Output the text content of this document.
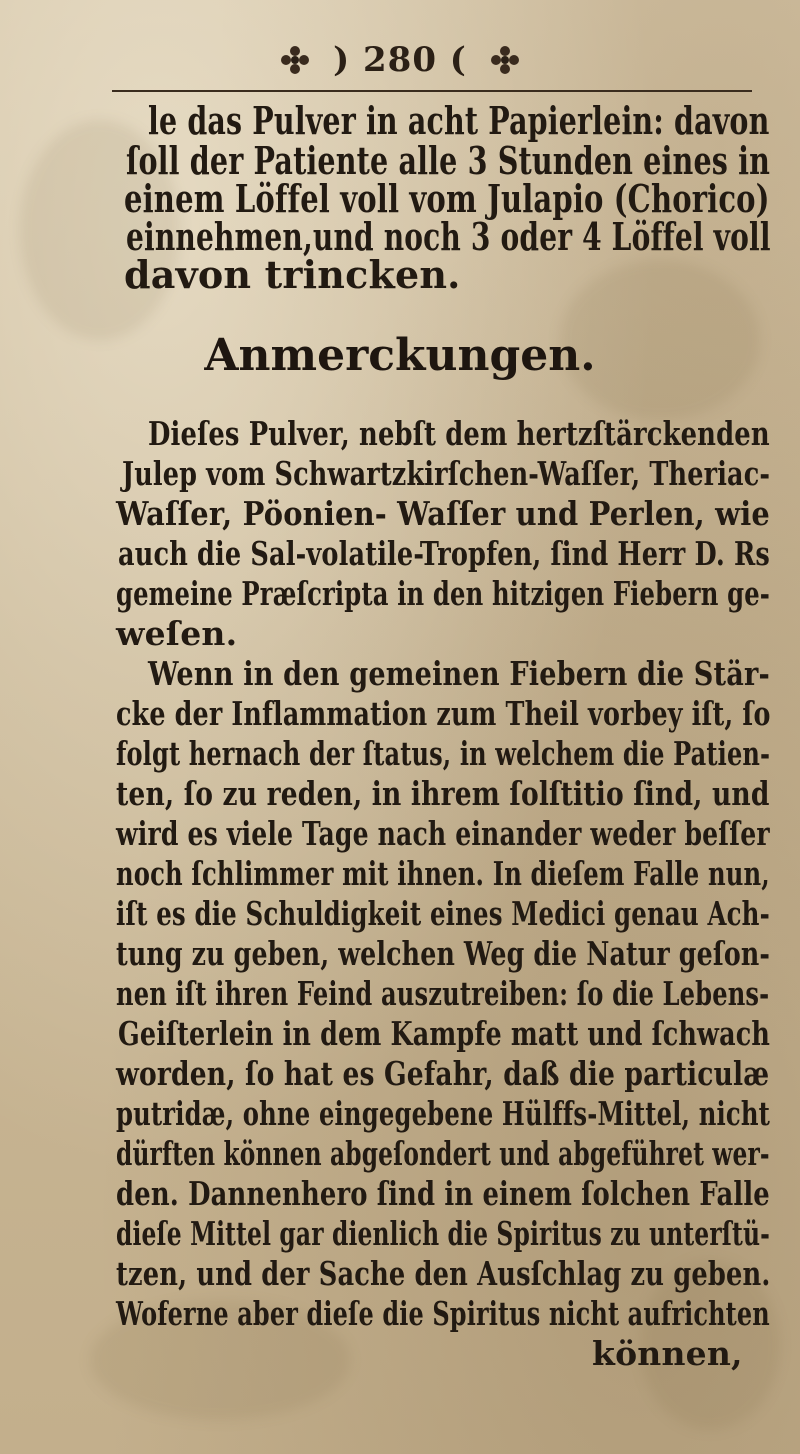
) 280 (
le das Pulver in acht Papierlein: davon
ſoll der Patiente alle 3 Stunden eines in
einem Löffel voll vom Julapio (Chorico)
einnehmen,und noch 3 oder 4 Löffel voll
davon trincken.
Anmerckungen.
Dieſes Pulver, nebſt dem hertzſtärckenden
Julep vom Schwartzkirſchen-Waſſer, Theriac-
Waſſer, Pöonien- Waſſer und Perlen, wie
auch die Sal-volatile-Tropfen, ſind Herr D. Rs
gemeine Præſcripta in den hitzigen Fiebern ge-
weſen.
Wenn in den gemeinen Fiebern die Stär-
cke der Inflammation zum Theil vorbey iſt, ſo
folgt hernach der ſtatus, in welchem die Patien-
ten, ſo zu reden, in ihrem ſolſtitio ſind, und
wird es viele Tage nach einander weder beſſer
noch ſchlimmer mit ihnen. In dieſem Falle nun,
iſt es die Schuldigkeit eines Medici genau Ach-
tung zu geben, welchen Weg die Natur geſon-
nen iſt ihren Feind auszutreiben: ſo die Lebens-
Geiſterlein in dem Kampfe matt und ſchwach
worden, ſo hat es Gefahr, daß die particulæ
putridæ, ohne eingegebene Hülffs-Mittel, nicht
dürften können abgeſondert und abgeführet wer-
den. Dannenhero ſind in einem ſolchen Falle
dieſe Mittel gar dienlich die Spiritus zu unterſtü-
tzen, und der Sache den Ausſchlag zu geben.
Woferne aber dieſe die Spiritus nicht aufrichten
können,
